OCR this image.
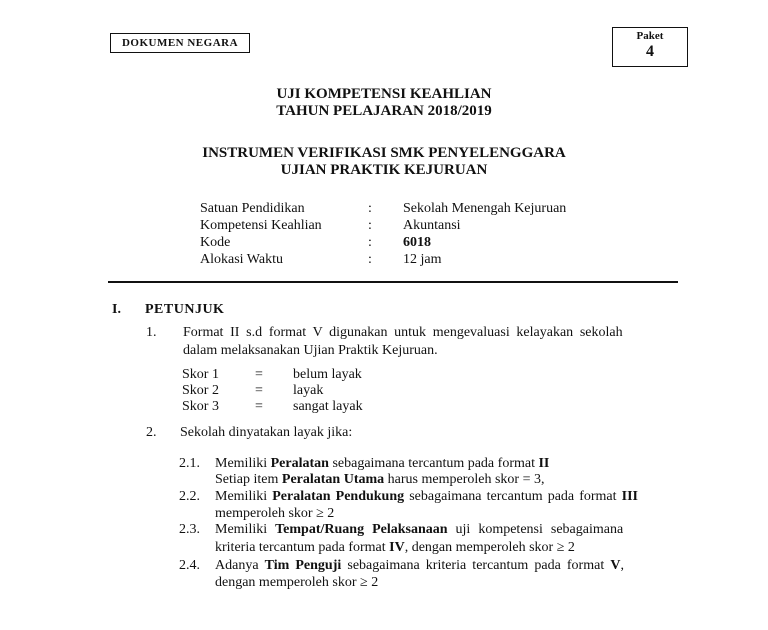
DOKUMEN NEGARA
Paket
4
UJI KOMPETENSI KEAHLIAN
TAHUN PELAJARAN 2018/2019
INSTRUMEN VERIFIKASI SMK PENYELENGGARA
UJIAN PRAKTIK KEJURUAN
Satuan Pendidikan	: Sekolah Menengah Kejuruan
Kompetensi Keahlian	: Akuntansi
Kode	: 6018
Alokasi Waktu	: 12 jam
I. PETUNJUK
1. Format II s.d format V digunakan untuk mengevaluasi kelayakan sekolah
dalam melaksanakan Ujian Praktik Kejuruan.
Skor 1	= belum layak
Skor 2	= layak
Skor 3	= sangat layak
2. Sekolah dinyatakan layak jika:
2.1. Memiliki Peralatan sebagaimana tercantum pada format II
Setiap item Peralatan Utama harus memperoleh skor = 3,
2.2. Memiliki Peralatan Pendukung sebagaimana tercantum pada format III
memperoleh skor ≥ 2
2.3. Memiliki Tempat/Ruang Pelaksanaan uji kompetensi sebagaimana
kriteria tercantum pada format IV, dengan memperoleh skor ≥ 2
2.4. Adanya Tim Penguji sebagaimana kriteria tercantum pada format V,
dengan memperoleh skor ≥ 2
